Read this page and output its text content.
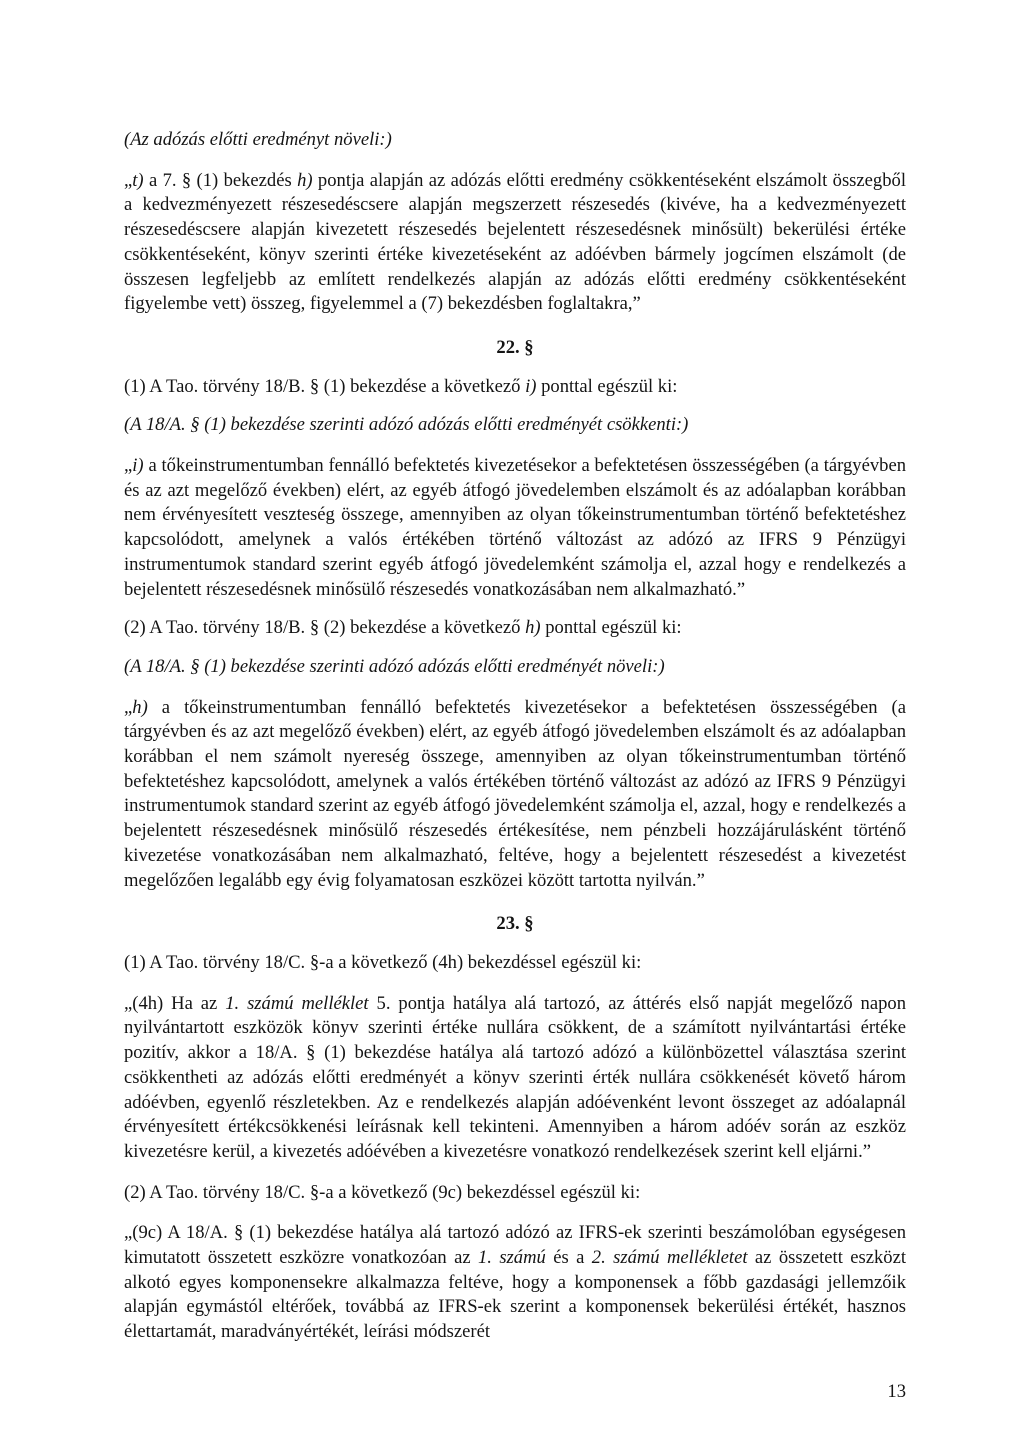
(Az adózás előtti eredményt növeli:)

„t) a 7. § (1) bekezdés h) pontja alapján az adózás előtti eredmény csökkentéseként elszámolt összegből a kedvezményezett részesedéscsere alapján megszerzett részesedés (kivéve, ha a kedvezményezett részesedéscsere alapján kivezetett részesedés bejelentett részesedésnek minősült) bekerülési értéke csökkentéseként, könyv szerinti értéke kivezetéseként az adóévben bármely jogcímen elszámolt (de összesen legfeljebb az említett rendelkezés alapján az adózás előtti eredmény csökkentéseként figyelembe vett) összeg, figyelemmel a (7) bekezdésben foglaltakra,”

22. §

(1) A Tao. törvény 18/B. § (1) bekezdése a következő i) ponttal egészül ki:

(A 18/A. § (1) bekezdése szerinti adózó adózás előtti eredményét csökkenti:)

„i) a tőkeinstrumentumban fennálló befektetés kivezetésekor a befektetésen összességében (a tárgyévben és az azt megelőző években) elért, az egyéb átfogó jövedelemben elszámolt és az adóalapban korábban nem érvényesített veszteség összege, amennyiben az olyan tőkeinstrumentumban történő befektetéshez kapcsolódott, amelynek a valós értékében történő változást az adózó az IFRS 9 Pénzügyi instrumentumok standard szerint egyéb átfogó jövedelemként számolja el, azzal hogy e rendelkezés a bejelentett részesedésnek minősülő részesedés vonatkozásában nem alkalmazható.”

(2) A Tao. törvény 18/B. § (2) bekezdése a következő h) ponttal egészül ki:

(A 18/A. § (1) bekezdése szerinti adózó adózás előtti eredményét növeli:)

„h) a tőkeinstrumentumban fennálló befektetés kivezetésekor a befektetésen összességében (a tárgyévben és az azt megelőző években) elért, az egyéb átfogó jövedelemben elszámolt és az adóalapban korábban el nem számolt nyereség összege, amennyiben az olyan tőkeinstrumentumban történő befektetéshez kapcsolódott, amelynek a valós értékében történő változást az adózó az IFRS 9 Pénzügyi instrumentumok standard szerint az egyéb átfogó jövedelemként számolja el, azzal, hogy e rendelkezés a bejelentett részesedésnek minősülő részesedés értékesítése, nem pénzbeli hozzájárulásként történő kivezetése vonatkozásában nem alkalmazható, feltéve, hogy a bejelentett részesedést a kivezetést megelőzően legalább egy évig folyamatosan eszközei között tartotta nyilván.”

23. §

(1) A Tao. törvény 18/C. §-a a következő (4h) bekezdéssel egészül ki:

„(4h) Ha az 1. számú melléklet 5. pontja hatálya alá tartozó, az áttérés első napját megelőző napon nyilvántartott eszközök könyv szerinti értéke nullára csökkent, de a számított nyilvántartási értéke pozitív, akkor a 18/A. § (1) bekezdése hatálya alá tartozó adózó a különbözettel választása szerint csökkentheti az adózás előtti eredményét a könyv szerinti érték nullára csökkenését követő három adóévben, egyenlő részletekben. Az e rendelkezés alapján adóévenként levont összeget az adóalapnál érvényesített értékcsökkenési leírásnak kell tekinteni. Amennyiben a három adóév során az eszköz kivezetésre kerül, a kivezetés adóévében a kivezetésre vonatkozó rendelkezések szerint kell eljárni.”

(2) A Tao. törvény 18/C. §-a a következő (9c) bekezdéssel egészül ki:

„(9c) A 18/A. § (1) bekezdése hatálya alá tartozó adózó az IFRS-ek szerinti beszámolóban egységesen kimutatott összetett eszközre vonatkozóan az 1. számú és a 2. számú mellékletet az összetett eszközt alkotó egyes komponensekre alkalmazza feltéve, hogy a komponensek a főbb gazdasági jellemzőik alapján egymástól eltérőek, továbbá az IFRS-ek szerint a komponensek bekerülési értékét, hasznos élettartamát, maradványértékét, leírási módszerét

13
